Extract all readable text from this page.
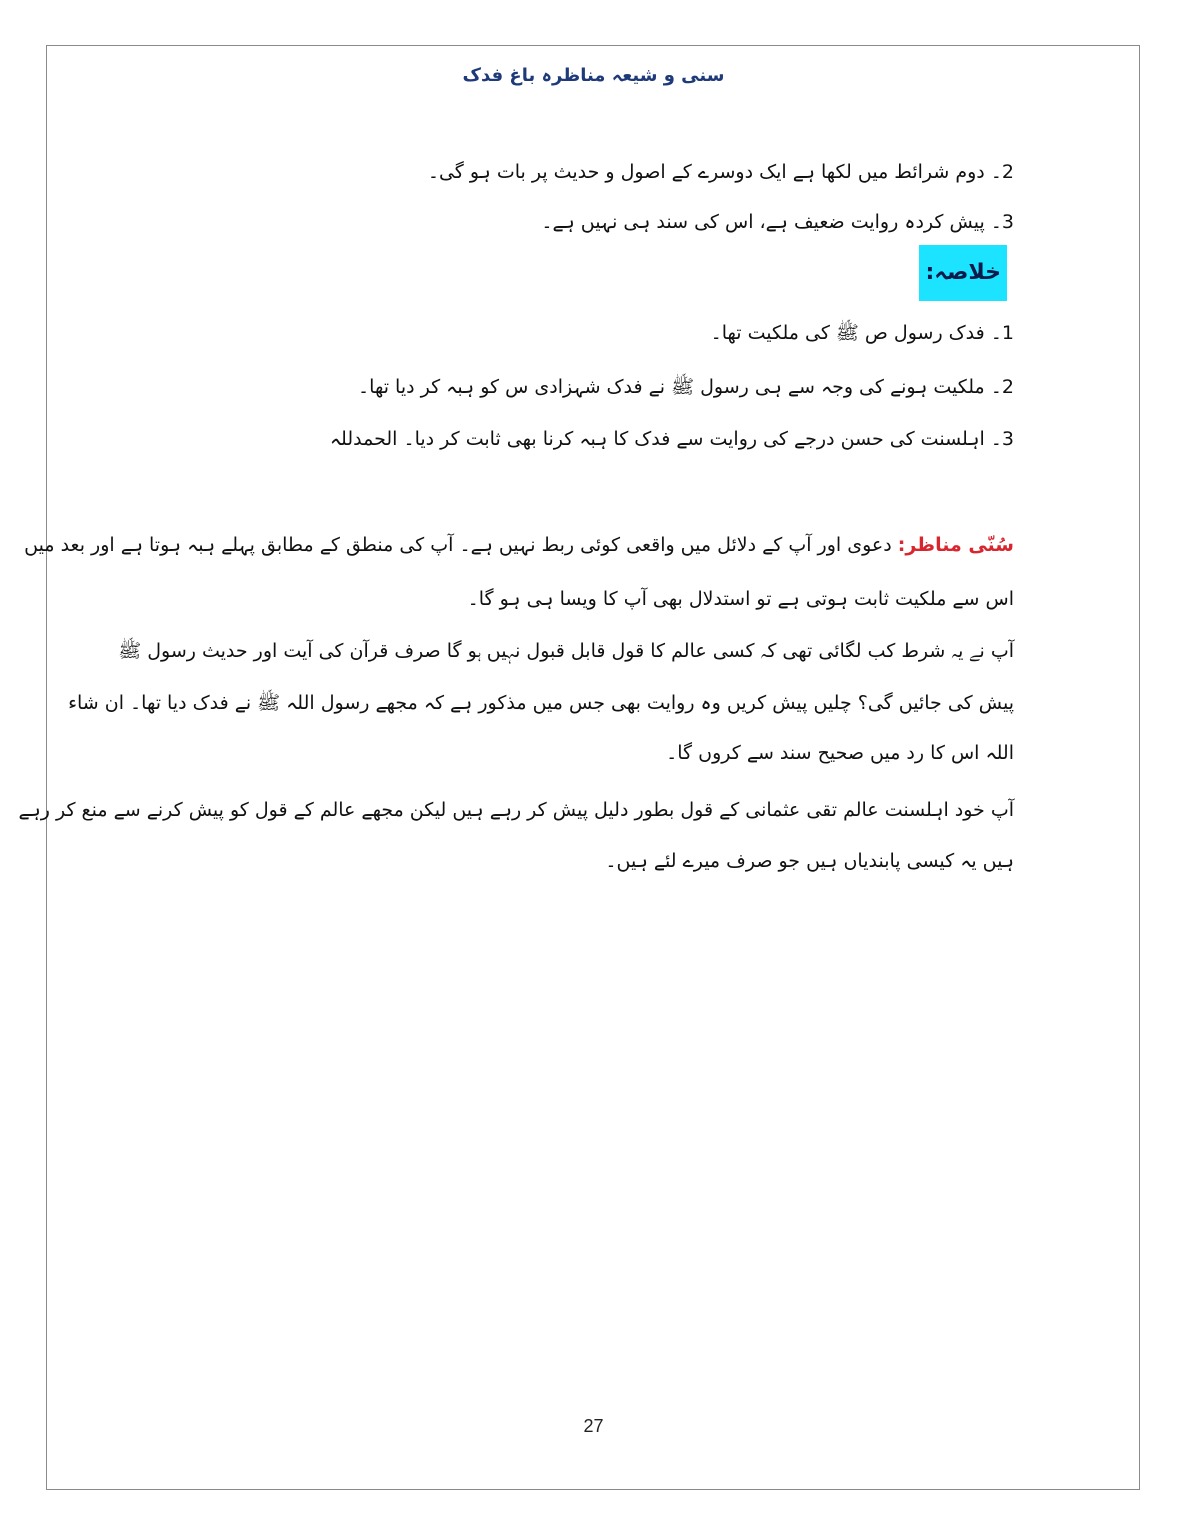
سنی و شیعہ مناظرہ باغ فدک
2۔ دوم شرائط میں لکھا ہے ایک دوسرے کے اصول و حدیث پر بات ہو گی۔
3۔ پیش کردہ روایت ضعیف ہے، اس کی سند ہی نہیں ہے۔
خلاصہ:
1۔ فدک رسول ص ﷺ کی ملکیت تھا۔
2۔ ملکیت ہونے کی وجہ سے ہی رسول ﷺ نے فدک شہزادی س کو ہبہ کر دیا تھا۔
3۔ اہلسنت کی حسن درجے کی روایت سے فدک کا ہبہ کرنا بھی ثابت کر دیا۔ الحمدللہ
سُنّی مناظر: دعوی اور آپ کے دلائل میں واقعی کوئی ربط نہیں ہے۔ آپ کی منطق کے مطابق پہلے ہبہ ہوتا ہے اور بعد میں
اس سے ملکیت ثابت ہوتی ہے تو استدلال بھی آپ کا ویسا ہی ہو گا۔
آپ نے یہ شرط کب لگائی تھی کہ کسی عالم کا قول قابل قبول نہیں ہو گا صرف قرآن کی آیت اور حدیث رسول ﷺ
پیش کی جائیں گی؟ چلیں پیش کریں وہ روایت بھی جس میں مذکور ہے کہ مجھے رسول اللہ ﷺ نے فدک دیا تھا۔ ان شاء
اللہ اس کا رد میں صحیح سند سے کروں گا۔
آپ خود اہلسنت عالم تقی عثمانی کے قول بطور دلیل پیش کر رہے ہیں لیکن مجھے عالم کے قول کو پیش کرنے سے منع کر رہے
ہیں یہ کیسی پابندیاں ہیں جو صرف میرے لئے ہیں۔
27
